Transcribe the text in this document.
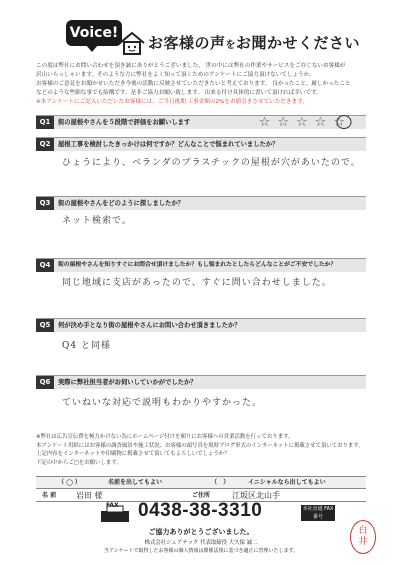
Voice!
お客様の声をお聞かせください

この度は弊社にお問い合わせを頂き誠にありがとうございました。 世の中には弊社の作業やサービスをご存じないお客様が

沢山いらっしゃいます。そのような方に弊社をよく知って頂くためのアンケートにご協力頂けないでしょうか。

お客様のご意見をお聞かせいただき今後の活動に反映させていただきたいと考えております。 良かったこと、厳しかったこと

などのような些細な事でも結構です。是非ご協力お願い致します。 出来る付け具体的に書いて頂ければ幸いです。

※本アンケートにご記入いただいたお客様には、ご当日後期 工事金額の2%をお値引きさせていただきます。

Q1	街の屋根やさんを５段階で評価をお願いします	☆☆☆☆☆
Q2	屋根工事を検討したきっかけは何ですか？どんなことで悩まれていましたか？
ひょうにより、ベランダのプラスチックの屋根が穴があいたので。
Q3	街の屋根やさんをどのように探しましたか？
ネット検索で。
Q4	街の屋根やさんを知りすぐにお問合せ頂けましたか？もし悩まれたとしたらどんなことがご不安でしたか？
同じ地域に支店があったので、すぐに問い合わせしました。
Q5	何が決め手となり街の屋根やさんにお問い合わせ頂きましたか？
Q4 と同様
Q6	実際に弊社担当者がお伺いしていかがでしたか？
ていねいな対応で説明もわかりやすかった。

※弊社は広告宣伝費を極力かけない為にホームページ付けを頼りにお客様への営業活動を行っております。

本アンケート用紙にはお客様の調査風景や施工状況、お客様の頭写真を現時ブログ形式のインターネットに掲載させて頂いております。

上記内容をインターネットや印刷物に掲載させて頂いてもよろしいでしょうか？

下記の中からご□をお願いします。

（ ◯ ）	名前を出してもよい	（   ）	イニシャルなら出してもよい
名 前 岩田 様	ご住所	江坂区北山手
FAX 0438-38-3310	本社直通 FAX 番号
ご協力ありがとうございました。
株式会社シェアテック 代表取締役 大久保 誠二
当アンケートで取得したお客様の個人情報は関係法規に基づき適正に管理いたします。
白
井
